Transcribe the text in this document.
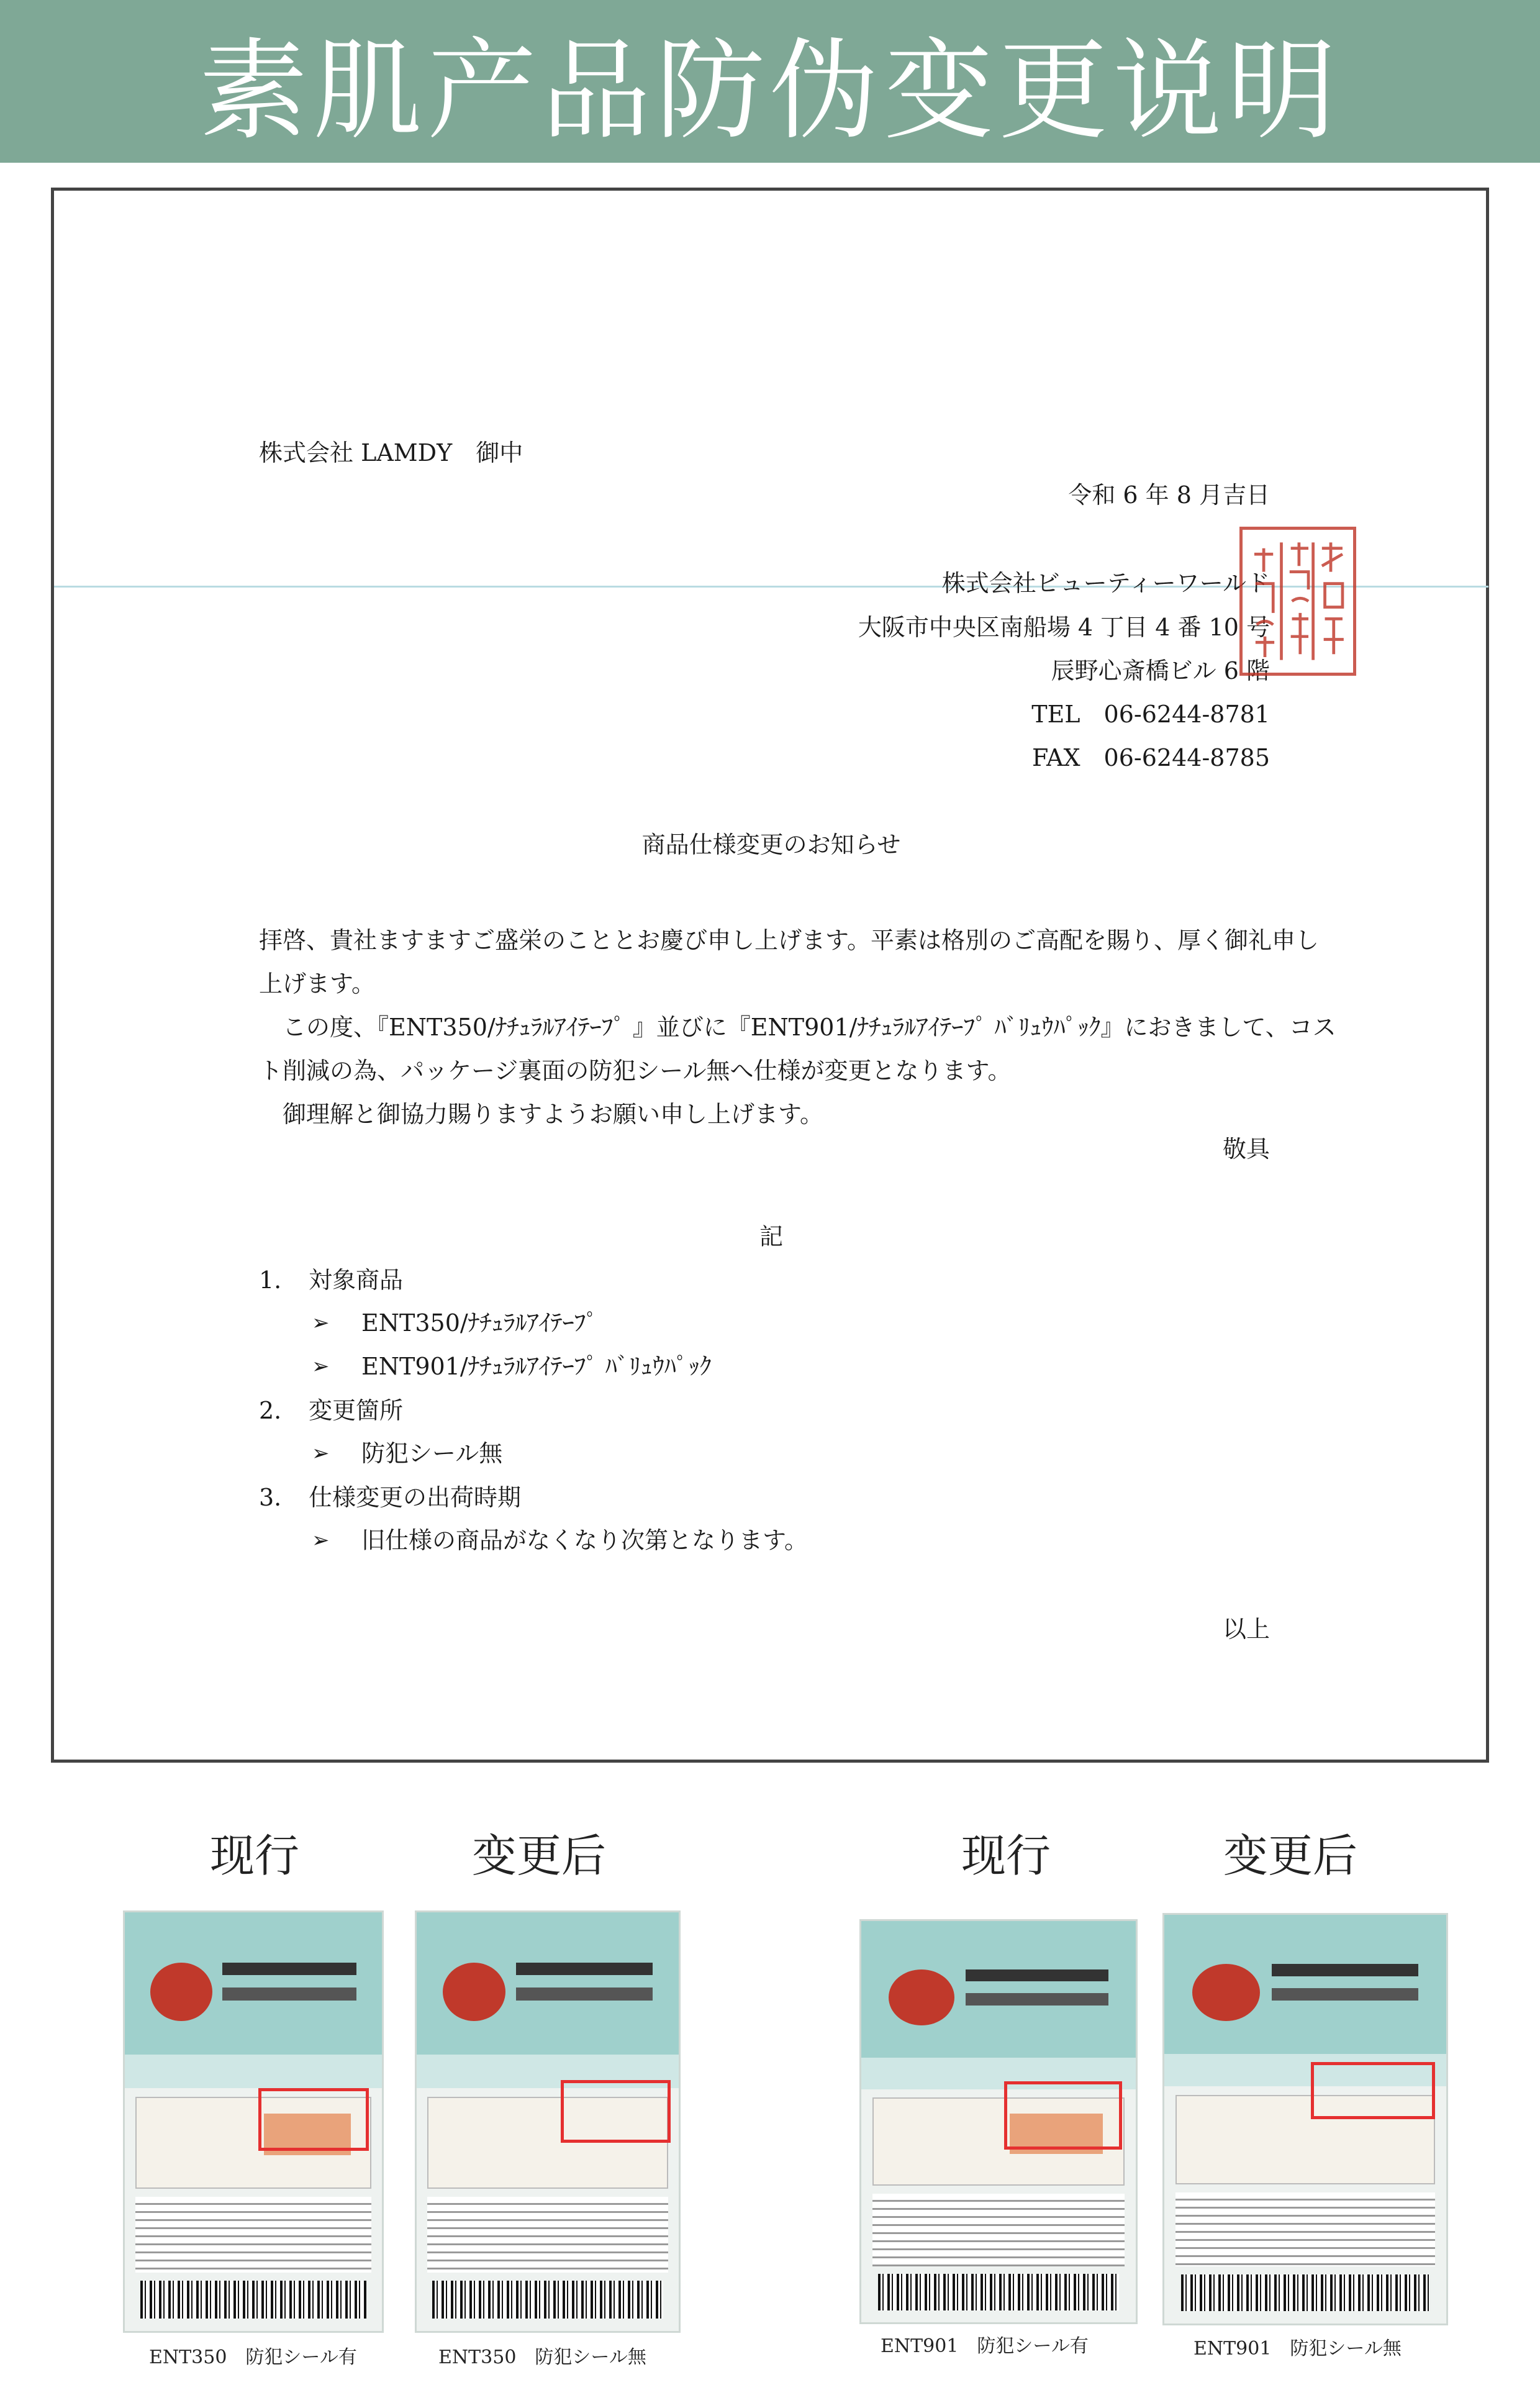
素肌产品防伪变更说明
株式会社 LAMDY　御中
令和 6 年 8 月吉日
株式会社ビューティーワールド
大阪市中央区南船場 4 丁目 4 番 10 号
辰野心斎橋ビル 6 階
TEL　06-6244-8781
FAX　06-6244-8785
商品仕様変更のお知らせ
拝啓、貴社ますますご盛栄のこととお慶び申し上げます。平素は格別のご高配を賜り、厚く御礼申し上げます。
　この度、『ENT350/ﾅﾁｭﾗﾙｱｲﾃｰﾌﾟ 』並びに『ENT901/ﾅﾁｭﾗﾙｱｲﾃｰﾌﾟ ﾊﾞﾘｭｳﾊﾟｯｸ』におきまして、コスト削減の為、パッケージ裏面の防犯シール無へ仕様が変更となります。
　御理解と御協力賜りますようお願い申し上げます。
敬具
記
1. 対象商品
➢ ENT350/ﾅﾁｭﾗﾙｱｲﾃｰﾌﾟ
➢ ENT901/ﾅﾁｭﾗﾙｱｲﾃｰﾌﾟ ﾊﾞﾘｭｳﾊﾟｯｸ
2. 変更箇所
➢ 防犯シール無
3. 仕様変更の出荷時期
➢ 旧仕様の商品がなくなり次第となります。
以上
现行	变更后	现行	变更后
ENT350　防犯シール有	ENT350　防犯シール無
ENT901　防犯シール有	ENT901　防犯シール無
